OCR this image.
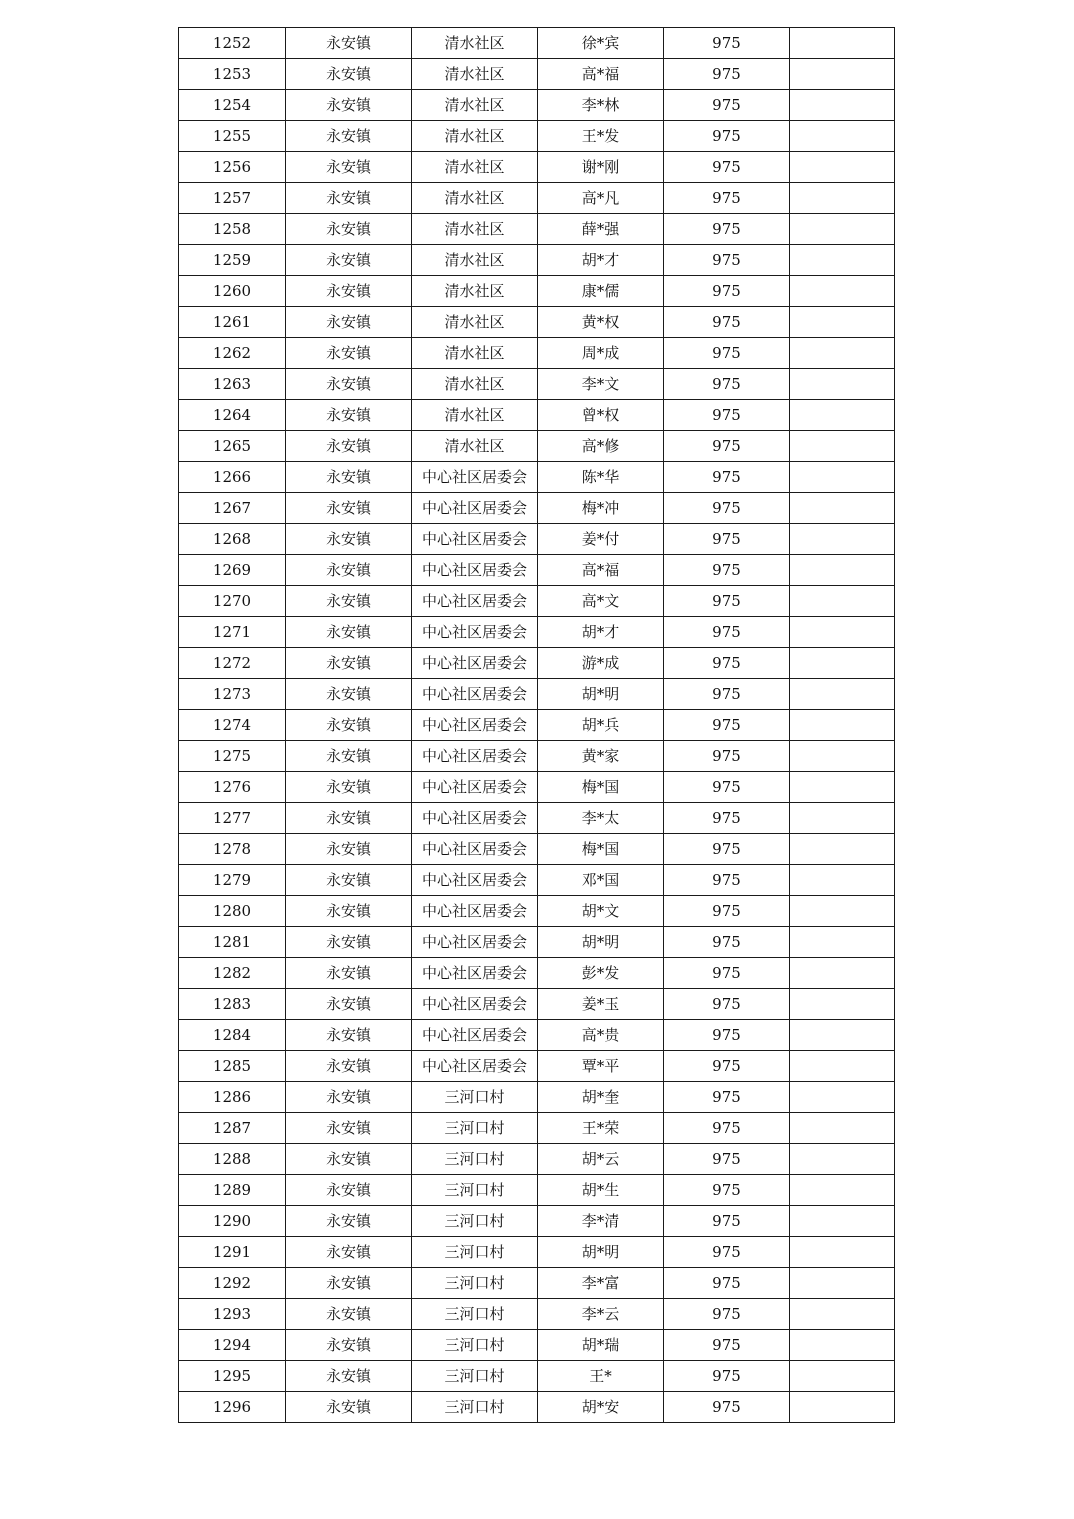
1252	永安镇	清水社区	徐*宾	975	
1253	永安镇	清水社区	高*福	975	
1254	永安镇	清水社区	李*林	975	
1255	永安镇	清水社区	王*发	975	
1256	永安镇	清水社区	谢*刚	975	
1257	永安镇	清水社区	高*凡	975	
1258	永安镇	清水社区	薛*强	975	
1259	永安镇	清水社区	胡*才	975	
1260	永安镇	清水社区	康*儒	975	
1261	永安镇	清水社区	黄*权	975	
1262	永安镇	清水社区	周*成	975	
1263	永安镇	清水社区	李*文	975	
1264	永安镇	清水社区	曾*权	975	
1265	永安镇	清水社区	高*修	975	
1266	永安镇	中心社区居委会	陈*华	975	
1267	永安镇	中心社区居委会	梅*冲	975	
1268	永安镇	中心社区居委会	姜*付	975	
1269	永安镇	中心社区居委会	高*福	975	
1270	永安镇	中心社区居委会	高*文	975	
1271	永安镇	中心社区居委会	胡*才	975	
1272	永安镇	中心社区居委会	游*成	975	
1273	永安镇	中心社区居委会	胡*明	975	
1274	永安镇	中心社区居委会	胡*兵	975	
1275	永安镇	中心社区居委会	黄*家	975	
1276	永安镇	中心社区居委会	梅*国	975	
1277	永安镇	中心社区居委会	李*太	975	
1278	永安镇	中心社区居委会	梅*国	975	
1279	永安镇	中心社区居委会	邓*国	975	
1280	永安镇	中心社区居委会	胡*文	975	
1281	永安镇	中心社区居委会	胡*明	975	
1282	永安镇	中心社区居委会	彭*发	975	
1283	永安镇	中心社区居委会	姜*玉	975	
1284	永安镇	中心社区居委会	高*贵	975	
1285	永安镇	中心社区居委会	覃*平	975	
1286	永安镇	三河口村	胡*奎	975	
1287	永安镇	三河口村	王*荣	975	
1288	永安镇	三河口村	胡*云	975	
1289	永安镇	三河口村	胡*生	975	
1290	永安镇	三河口村	李*清	975	
1291	永安镇	三河口村	胡*明	975	
1292	永安镇	三河口村	李*富	975	
1293	永安镇	三河口村	李*云	975	
1294	永安镇	三河口村	胡*瑞	975	
1295	永安镇	三河口村	王*	975	
1296	永安镇	三河口村	胡*安	975	
